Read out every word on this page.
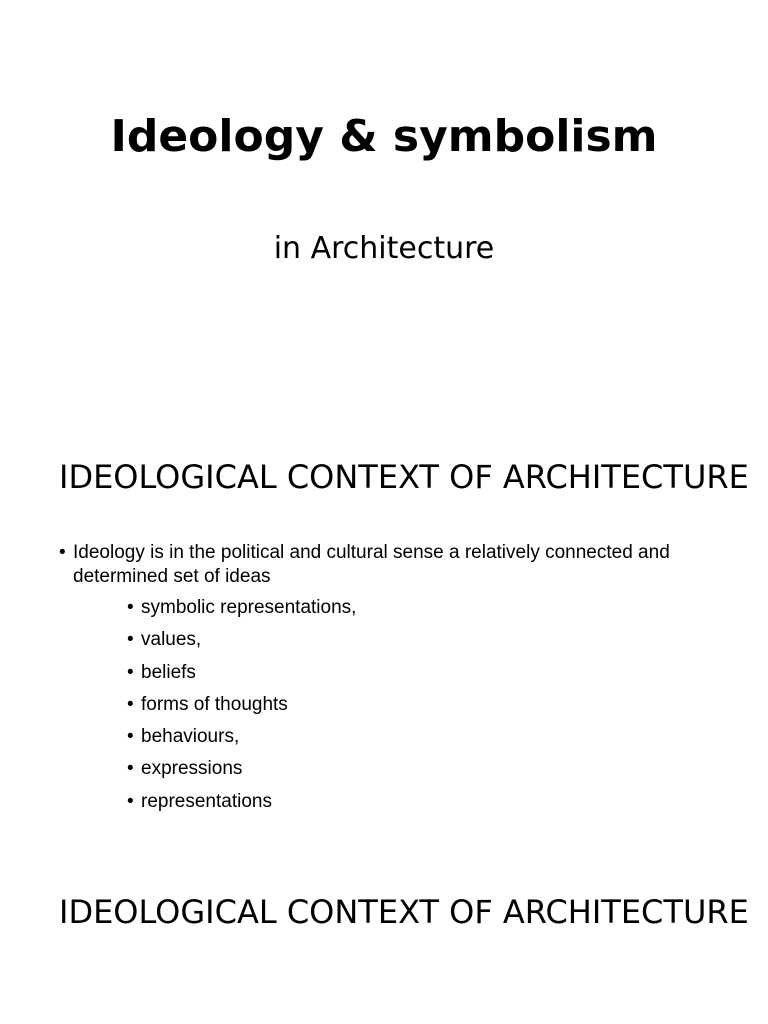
Ideology & symbolism

in Architecture

IDEOLOGICAL CONTEXT OF ARCHITECTURE
• Ideology is in the political and cultural sense a relatively connected and determined set of ideas
• symbolic representations,
• values,
• beliefs
• forms of thoughts
• behaviours,
• expressions
• representations
IDEOLOGICAL CONTEXT OF ARCHITECTURE
